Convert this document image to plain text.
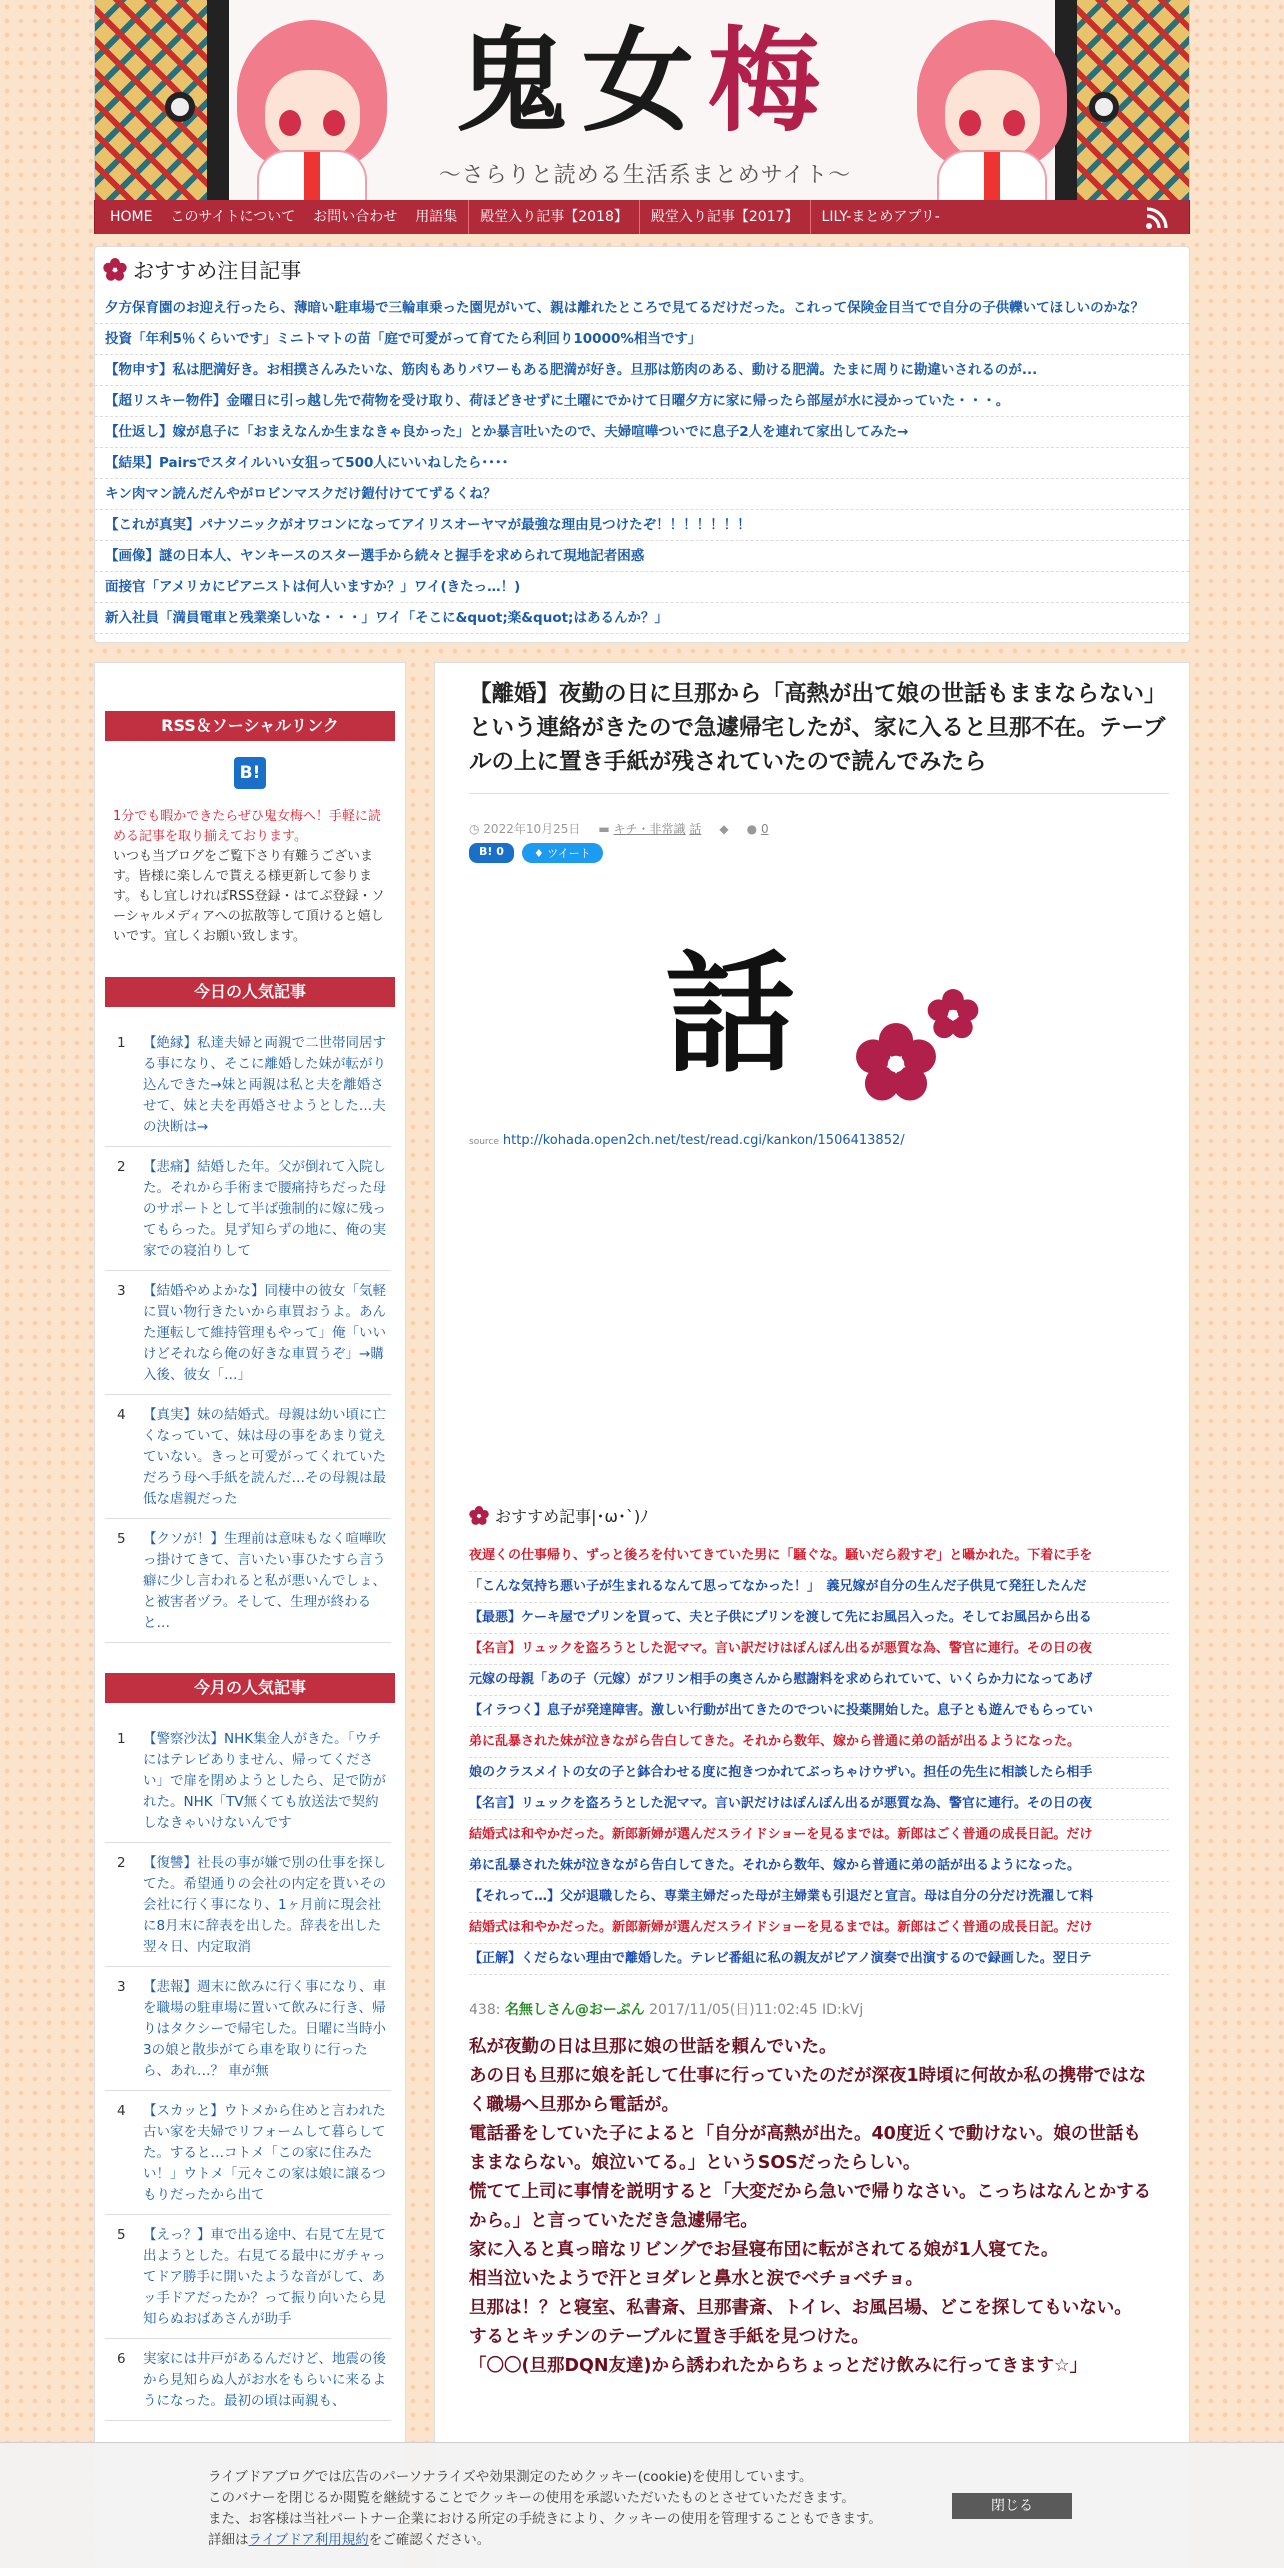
鬼女梅
〜さらりと読める生活系まとめサイト〜
HOME	このサイトについて	お問い合わせ	用語集	殿堂入り記事【2018】	殿堂入り記事【2017】	LILY-まとめアプリ-
おすすめ注目記事
夕方保育園のお迎え行ったら、薄暗い駐車場で三輪車乗った園児がいて、親は離れたところで見てるだけだった。これって保険金目当てで自分の子供轢いてほしいのかな？
投資「年利5％くらいです」ミニトマトの苗「庭で可愛がって育てたら利回り10000%相当です」
【物申す】私は肥満好き。お相撲さんみたいな、筋肉もありパワーもある肥満が好き。旦那は筋肉のある、動ける肥満。たまに周りに勘違いされるのが...
【超リスキー物件】金曜日に引っ越し先で荷物を受け取り、荷ほどきせずに土曜にでかけて日曜夕方に家に帰ったら部屋が水に浸かっていた・・・。
【仕返し】嫁が息子に「おまえなんか生まなきゃ良かった」とか暴言吐いたので、夫婦喧嘩ついでに息子2人を連れて家出してみた→
【結果】Pairsでスタイルいい女狙って500人にいいねしたら････
キン肉マン読んだんやがロビンマスクだけ鎧付けててずるくね？
【これが真実】パナソニックがオワコンになってアイリスオーヤマが最強な理由見つけたぞ！！！！！！！
【画像】謎の日本人、ヤンキースのスター選手から続々と握手を求められて現地記者困惑
面接官「アメリカにピアニストは何人いますか？」ワイ(きたっ…！)
新入社員「満員電車と残業楽しいな・・・」ワイ「そこに&quot;楽&quot;はあるんか？」
RSS＆ソーシャルリンク
B!

1分でも暇かできたらぜひ鬼女梅へ！手軽に読める記事を取り揃えております。

いつも当ブログをご覧下さり有難うございます。皆様に楽しんで貰える様更新して参ります。もし宜しければRSS登録・はてぶ登録・ソーシャルメディアへの拡散等して頂けると嬉しいです。宜しくお願い致します。

今日の人気記事
1	【絶縁】私達夫婦と両親で二世帯同居する事になり、そこに離婚した妹が転がり込んできた→妹と両親は私と夫を離婚させて、妹と夫を再婚させようとした…夫の決断は→
2	【悲痛】結婚した年。父が倒れて入院した。それから手術まで腰痛持ちだった母のサポートとして半ば強制的に嫁に残ってもらった。見ず知らずの地に、俺の実家での寝泊りして
3	【結婚やめよかな】同棲中の彼女「気軽に買い物行きたいから車買おうよ。あんた運転して維持管理もやって」俺「いいけどそれなら俺の好きな車買うぞ」→購入後、彼女「…」
4	【真実】妹の結婚式。母親は幼い頃に亡くなっていて、妹は母の事をあまり覚えていない。きっと可愛がってくれていただろう母へ手紙を読んだ…その母親は最低な虐親だった
5	【クソが！】生理前は意味もなく喧嘩吹っ掛けてきて、言いたい事ひたすら言う癖に少し言われると私が悪いんでしょ、と被害者ヅラ。そして、生理が終わると…
今月の人気記事
1	【警察沙汰】NHK集金人がきた。「ウチにはテレビありません、帰ってください」で扉を閉めようとしたら、足で防がれた。NHK「TV無くても放送法で契約しなきゃいけないんです
2	【復讐】社長の事が嫌で別の仕事を探してた。希望通りの会社の内定を貰いその会社に行く事になり、1ヶ月前に現会社に8月末に辞表を出した。辞表を出した翌々日、内定取消
3	【悲報】週末に飲みに行く事になり、車を職場の駐車場に置いて飲みに行き、帰りはタクシーで帰宅した。日曜に当時小3の娘と散歩がてら車を取りに行ったら、あれ…？ 車が無
4	【スカッと】ウトメから住めと言われた古い家を夫婦でリフォームして暮らしてた。すると…コトメ「この家に住みたい！」ウトメ「元々この家は娘に譲るつもりだったから出て
5	【えっ？】車で出る途中、右見て左見て出ようとした。右見てる最中にガチャってドア勝手に開いたような音がして、あッ手ドアだったか？って振り向いたら見知らぬおばあさんが助手
6	実家には井戸があるんだけど、地震の後から見知らぬ人がお水をもらいに来るようになった。最初の頃は両親も、
【離婚】夜勤の日に旦那から「高熱が出て娘の世話もままならない」という連絡がきたので急遽帰宅したが、家に入ると旦那不在。テーブルの上に置き手紙が残されていたので読んでみたら
◷ 2022年10月25日 ▬ キチ・非常識 話 ◆ ● 0
B! 0	♦ ツイート
話
source http://kohada.open2ch.net/test/read.cgi/kankon/1506413852/
おすすめ記事|･ω･`)ﾉ
夜遅くの仕事帰り、ずっと後ろを付いてきていた男に「騒ぐな。騒いだら殺すぞ」と囁かれた。下着に手を
「こんな気持ち悪い子が生まれるなんて思ってなかった！」　義兄嫁が自分の生んだ子供見て発狂したんだ
【最悪】ケーキ屋でプリンを買って、夫と子供にプリンを渡して先にお風呂入った。そしてお風呂から出る
【名言】リュックを盗ろうとした泥ママ。言い訳だけはぽんぽん出るが悪質な為、警官に連行。その日の夜
元嫁の母親「あの子（元嫁）がフリン相手の奥さんから慰謝料を求められていて、いくらか力になってあげ
【イラつく】息子が発達障害。激しい行動が出てきたのでついに投薬開始した。息子とも遊んでもらってい
弟に乱暴された妹が泣きながら告白してきた。それから数年、嫁から普通に弟の話が出るようになった。
娘のクラスメイトの女の子と鉢合わせる度に抱きつかれてぶっちゃけウザい。担任の先生に相談したら相手
【名言】リュックを盗ろうとした泥ママ。言い訳だけはぽんぽん出るが悪質な為、警官に連行。その日の夜
結婚式は和やかだった。新郎新婦が選んだスライドショーを見るまでは。新郎はごく普通の成長日記。だけ
弟に乱暴された妹が泣きながら告白してきた。それから数年、嫁から普通に弟の話が出るようになった。
【それって…】父が退職したら、専業主婦だった母が主婦業も引退だと宣言。母は自分の分だけ洗濯して料
結婚式は和やかだった。新郎新婦が選んだスライドショーを見るまでは。新郎はごく普通の成長日記。だけ
【正解】くだらない理由で離婚した。テレビ番組に私の親友がピアノ演奏で出演するので録画した。翌日テ
438: 名無しさん@おーぷん 2017/11/05(日)11:02:45 ID:kVj

私が夜勤の日は旦那に娘の世話を頼んでいた。

あの日も旦那に娘を託して仕事に行っていたのだが深夜1時頃に何故か私の携帯ではなく職場へ旦那から電話が。

電話番をしていた子によると「自分が高熱が出た。40度近くで動けない。娘の世話もままならない。娘泣いてる。」というSOSだったらしい。

慌てて上司に事情を説明すると「大変だから急いで帰りなさい。こっちはなんとかするから。」と言っていただき急遽帰宅。

家に入ると真っ暗なリビングでお昼寝布団に転がされてる娘が1人寝てた。

相当泣いたようで汗とヨダレと鼻水と涙でベチョベチョ。

旦那は！？と寝室、私書斎、旦那書斎、トイレ、お風呂場、どこを探してもいない。

するとキッチンのテーブルに置き手紙を見つけた。

「〇〇(旦那DQN友達)から誘われたからちょっとだけ飲みに行ってきます☆」

ライブドアブログでは広告のパーソナライズや効果測定のためクッキー(cookie)を使用しています。
このバナーを閉じるか閲覧を継続することでクッキーの使用を承認いただいたものとさせていただきます。
また、お客様は当社パートナー企業における所定の手続きにより、クッキーの使用を管理することもできます。
詳細はライブドア利用規約をご確認ください。
閉じる
